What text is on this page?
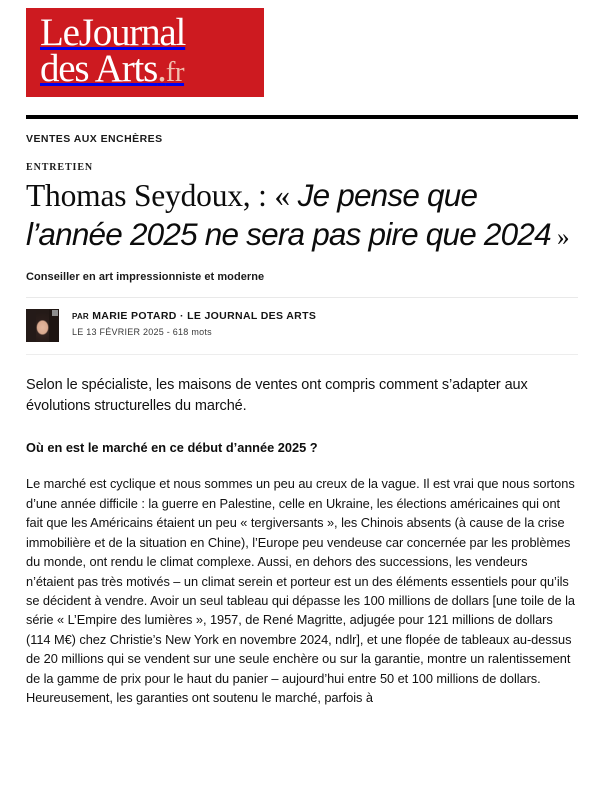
LeJournal
des Arts.fr
VENTES AUX ENCHÈRES
ENTRETIEN
Thomas Seydoux, : « Je pense que l’année 2025 ne sera pas pire que 2024 »
Conseiller en art impressionniste et moderne
PAR MARIE POTARD · LE JOURNAL DES ARTS
LE 13 FÉVRIER 2025 - 618 mots
Selon le spécialiste, les maisons de ventes ont compris comment s’adapter aux évolutions structurelles du marché.
Où en est le marché en ce début d’année 2025 ?

Le marché est cyclique et nous sommes un peu au creux de la vague. Il est vrai que nous sortons d’une année difficile : la guerre en Palestine, celle en Ukraine, les élections américaines qui ont fait que les Américains étaient un peu « tergiversants », les Chinois absents (à cause de la crise immobilière et de la situation en Chine), l’Europe peu vendeuse car concernée par les problèmes du monde, ont rendu le climat complexe. Aussi, en dehors des successions, les vendeurs n’étaient pas très motivés – un climat serein et porteur est un des éléments essentiels pour qu’ils se décident à vendre. Avoir un seul tableau qui dépasse les 100 millions de dollars [une toile de la série « L’Empire des lumières », 1957, de René Magritte, adjugée pour 121 millions de dollars (114 M€) chez Christie’s New York en novembre 2024, ndlr], et une flopée de tableaux au-dessus de 20 millions qui se vendent sur une seule enchère ou sur la garantie, montre un ralentissement de la gamme de prix pour le haut du panier – aujourd’hui entre 50 et 100 millions de dollars. Heureusement, les garanties ont soutenu le marché, parfois à
